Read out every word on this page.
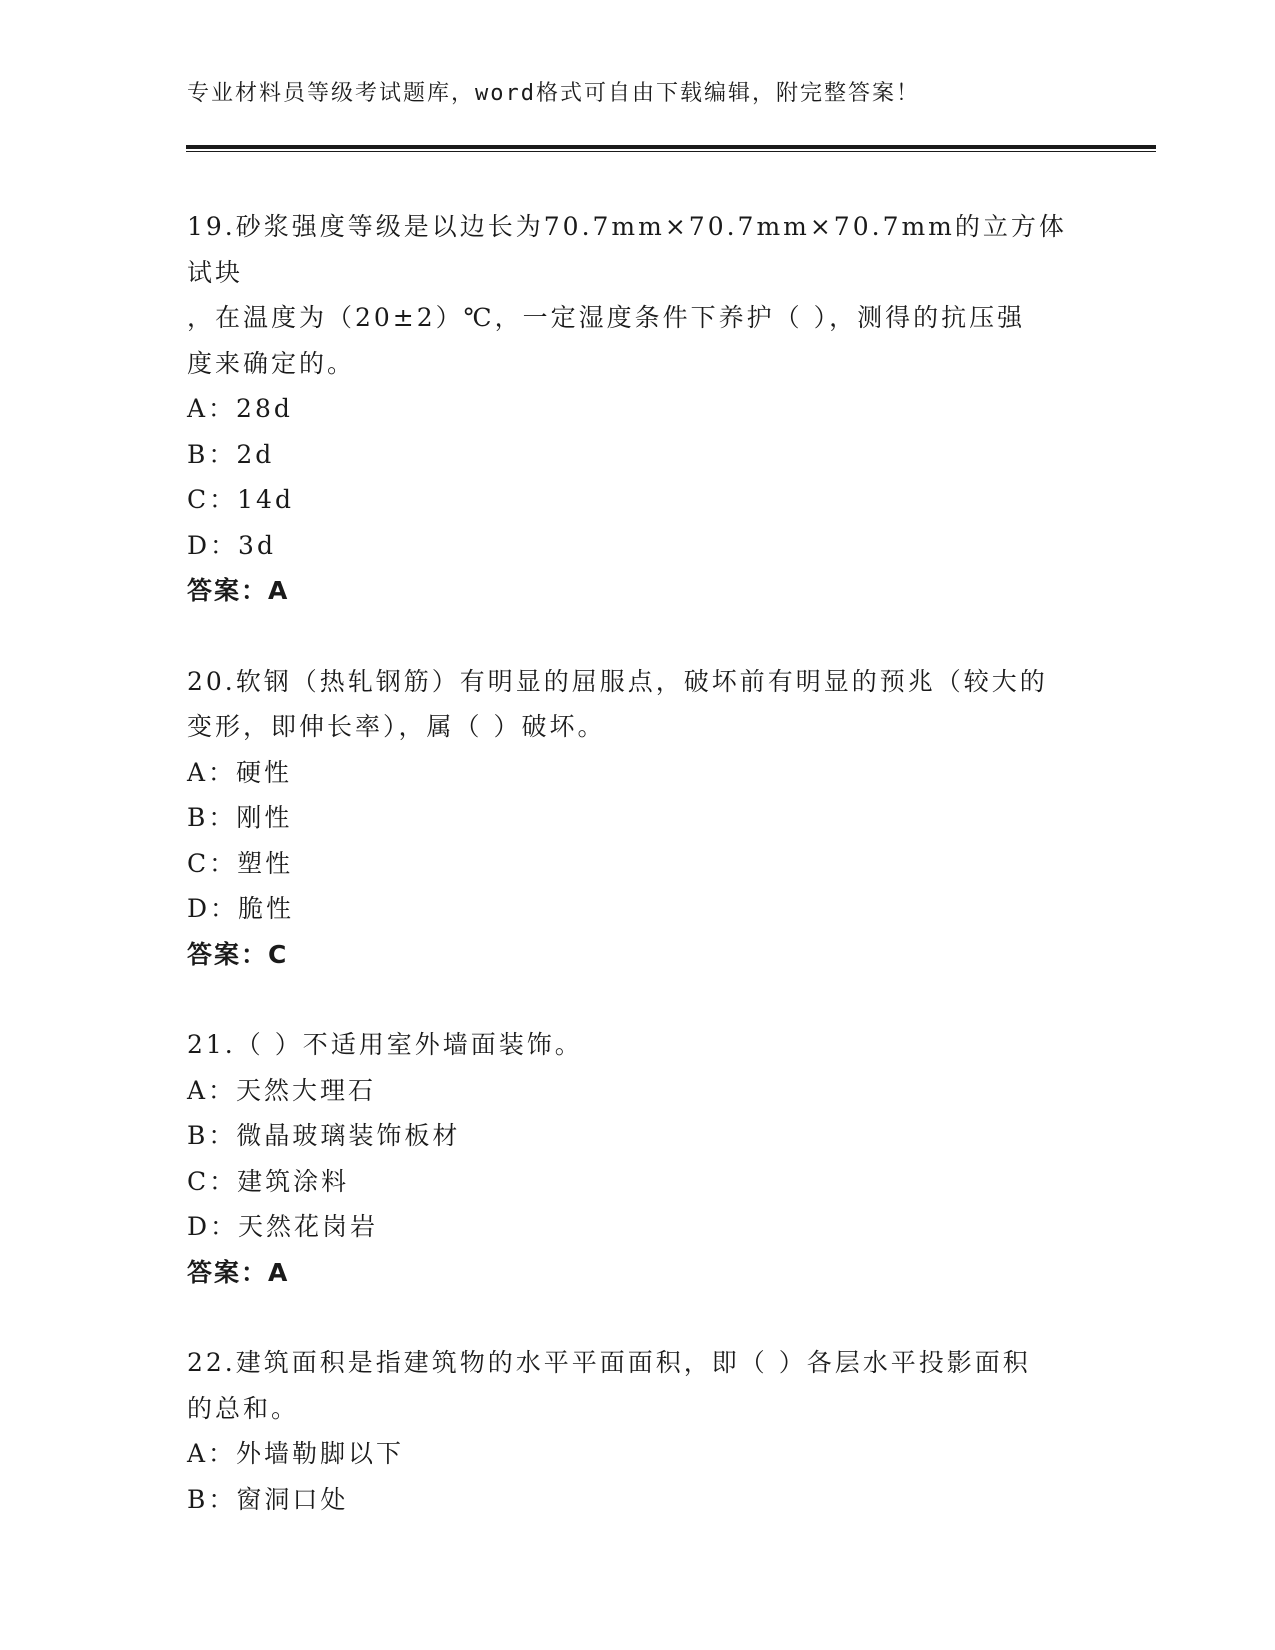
专业材料员等级考试题库，word格式可自由下载编辑，附完整答案！
19.砂浆强度等级是以边长为70.7mm×70.7mm×70.7mm的立方体试块
，在温度为（20±2）℃，一定湿度条件下养护（ ），测得的抗压强
度来确定的。
A：28d
B：2d
C：14d
D：3d
答案：A
20.软钢（热轧钢筋）有明显的屈服点，破坏前有明显的预兆（较大的
变形，即伸长率），属（ ）破坏。
A：硬性
B：刚性
C：塑性
D：脆性
答案：C
21.（ ）不适用室外墙面装饰。
A：天然大理石
B：微晶玻璃装饰板材
C：建筑涂料
D：天然花岗岩
答案：A
22.建筑面积是指建筑物的水平平面面积，即（ ）各层水平投影面积
的总和。
A：外墙勒脚以下
B：窗洞口处
